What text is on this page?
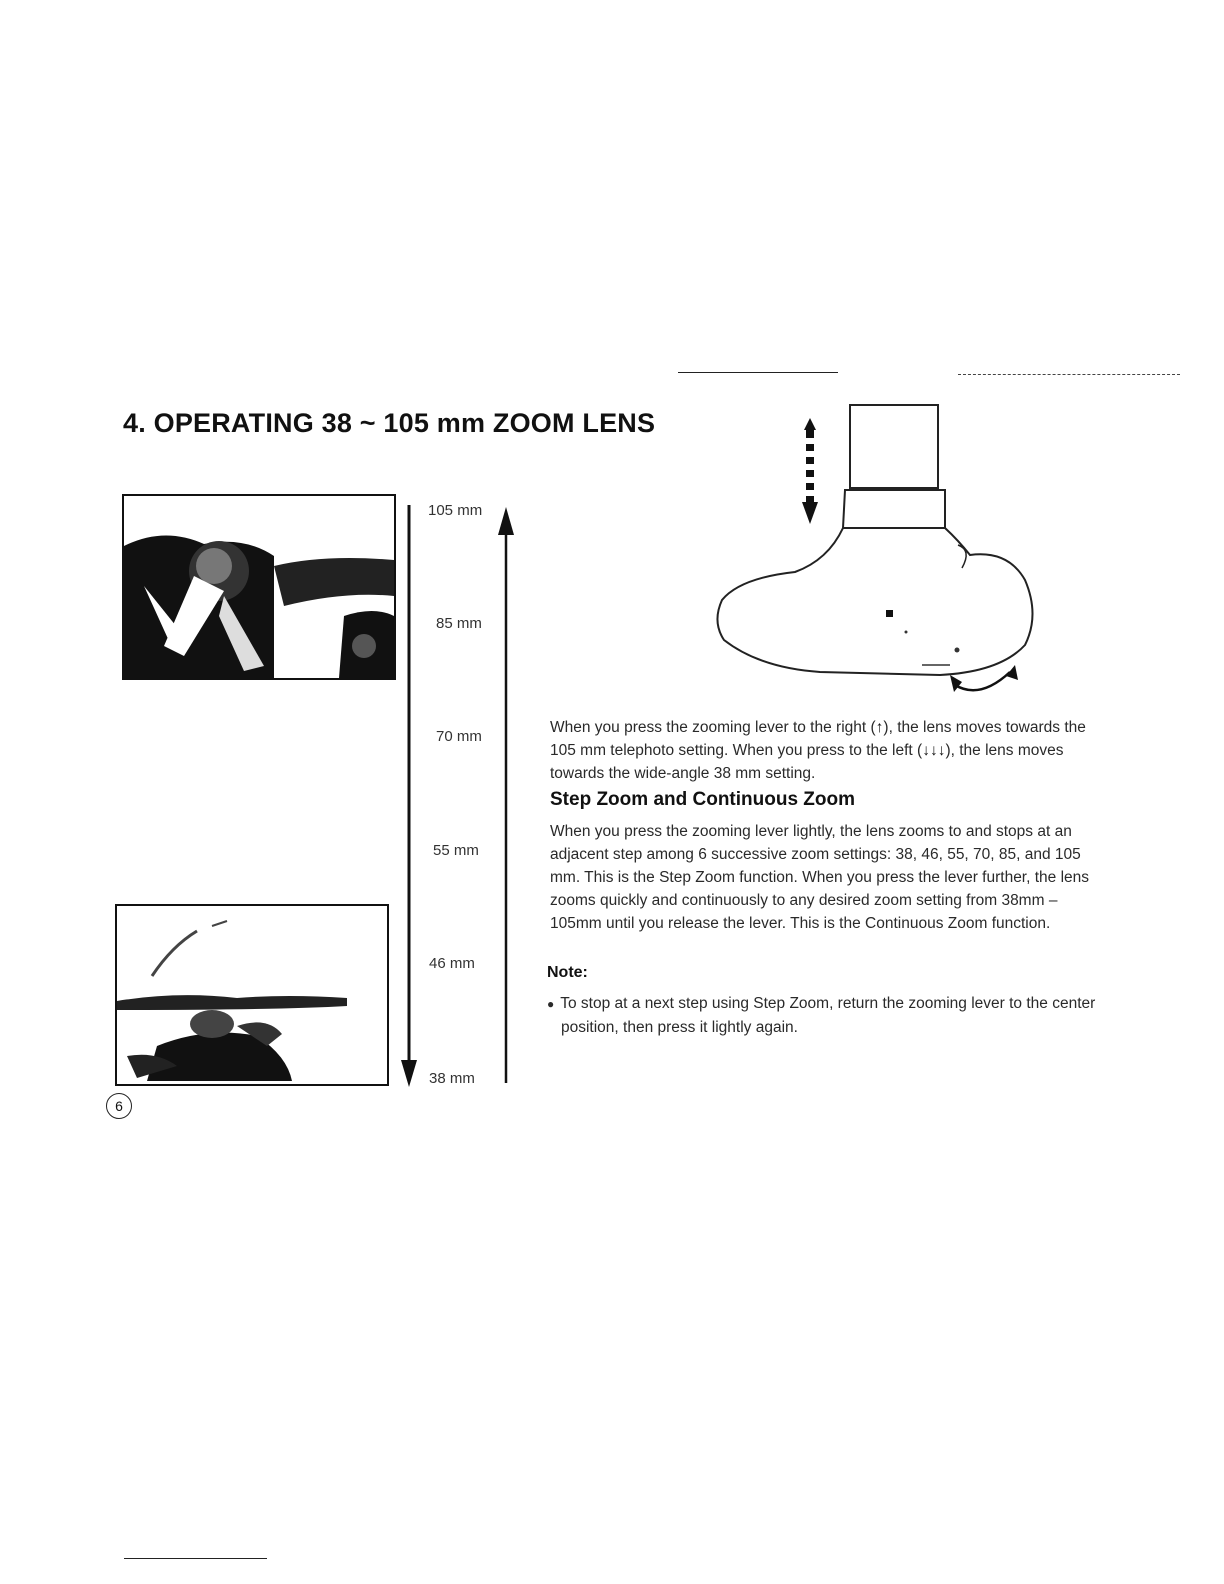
4. OPERATING 38 ~ 105 mm ZOOM LENS
105 mm
85 mm
70 mm
55 mm
46 mm
38 mm
6
When you press the zooming lever to the right (↑), the lens moves towards the 105 mm telephoto setting. When you press to the left (↓↓↓), the lens moves towards the wide-angle 38 mm setting.
Step Zoom and Continuous Zoom
When you press the zooming lever lightly, the lens zooms to and stops at an adjacent step among 6 successive zoom settings: 38, 46, 55, 70, 85, and 105 mm. This is the Step Zoom function. When you press the lever further, the lens zooms quickly and continuously to any desired zoom setting from 38mm – 105mm until you release the lever. This is the Continuous Zoom function.
Note:
● To stop at a next step using Step Zoom, return the zooming lever to the center position, then press it lightly again.
